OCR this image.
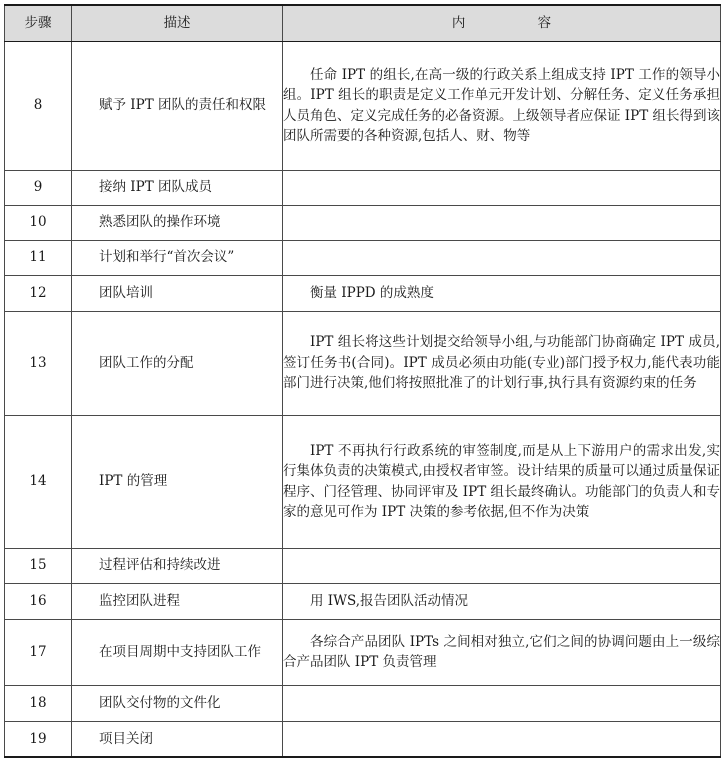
步骤	描述	内 容
8	赋予 IPT 团队的责任和权限	任命 IPT 的组长,在高一级的行政关系上组成支持 IPT 工作的领导小组。IPT 组长的职责是定义工作单元开发计划、分解任务、定义任务承担人员角色、定义完成任务的必备资源。上级领导者应保证 IPT 组长得到该团队所需要的各种资源,包括人、财、物等

9	接纳 IPT 团队成员	

10	熟悉团队的操作环境	

11	计划和举行“首次会议”	

12	团队培训	衡量 IPPD 的成熟度

13	团队工作的分配	IPT 组长将这些计划提交给领导小组,与功能部门协商确定 IPT 成员,签订任务书(合同)。IPT 成员必须由功能(专业)部门授予权力,能代表功能部门进行决策,他们将按照批准了的计划行事,执行具有资源约束的任务

14	IPT 的管理	IPT 不再执行行政系统的审签制度,而是从上下游用户的需求出发,实行集体负责的决策模式,由授权者审签。设计结果的质量可以通过质量保证程序、门径管理、协同评审及 IPT 组长最终确认。功能部门的负责人和专家的意见可作为 IPT 决策的参考依据,但不作为决策

15	过程评估和持续改进	

16	监控团队进程	用 IWS,报告团队活动情况

17	在项目周期中支持团队工作	各综合产品团队 IPTs 之间相对独立,它们之间的协调问题由上一级综合产品团队 IPT 负责管理

18	团队交付物的文件化	

19	项目关闭	
